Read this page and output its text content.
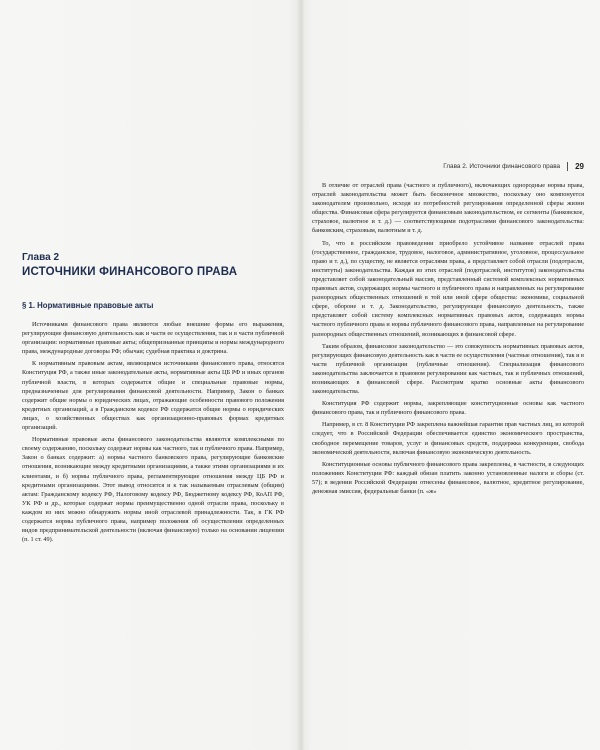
Глава 2
ИСТОЧНИКИ ФИНАНСОВОГО ПРАВА
§ 1. Нормативные правовые акты

Источниками финансового права являются любые внешние формы его выражения, регулирующие финансовую деятельность как и части ее осуществления, так и в части публичной организации: нормативные правовые акты; общепризнанные принципы и нормы международного права, международные договоры РФ; обычаи; судебная практика и доктрина.

К нормативным правовым актам, являющимся источниками финансового права, относятся Конституция РФ, а также иные законодательные акты, нормативные акты ЦБ РФ и иных органов публичной власти, в которых содержатся общие и специальные правовые нормы, предназначенные для регулирования финансовой деятельности. Например, Закон о банках содержит общие нормы о юридических лицах, отражающие особенности правового положения кредитных организаций, а в Гражданском кодексе РФ содержатся общие нормы о юридических лицах, о хозяйственных обществах как организационно-правовых формах кредитных организаций.

Нормативные правовые акты финансового законодательства являются комплексными по своему содержанию, поскольку содержат нормы как частного, так и публичного права. Например, Закон о банках содержит: а) нормы частного банковского права, регулирующие банковские отношения, возникающие между кредитными организациями, а также этими организациями и их клиентами, и б) нормы публичного права, регламентирующие отношения между ЦБ РФ и кредитными организациями. Этот вывод относится и к так называемым отраслевым (общим) актам: Гражданскому кодексу РФ, Налоговому кодексу РФ, Бюджетному кодексу РФ, КоАП РФ, УК РФ и др., которые содержат нормы преимущественно одной отрасли права, поскольку в каждом из них можно обнаружить нормы иной отраслевой принадлежности. Так, в ГК РФ содержатся нормы публичного права, например положения об осуществлении определенных видов предпринимательской деятельности (включая финансовую) только на основании лицензии (п. 1 ст. 49).

Глава 2. Источники финансового права 29

В отличие от отраслей права (частного и публичного), включающих однородные нормы права, отраслей законодательства может быть бесконечное множество, поскольку оно компонуется законодателем произвольно, исходя из потребностей регулирования определенной сферы жизни общества. Финансовая сфера регулируется финансовым законодательством, ее сегменты (банковское, страховое, валютное и т. д.) — соответствующими подотраслями финансового законодательства: банковским, страховым, валютным и т. д.

То, что в российском правоведении приобрело устойчивое название отраслей права (государственное, гражданское, трудовое, налоговое, административное, уголовное, процессуальное право и т. д.), по существу, не является отраслями права, а представляет собой отрасли (подотрасли, институты) законодательства. Каждая из этих отраслей (подотраслей, институтов) законодательства представляет собой законодательный массив, представленный системой комплексных нормативных правовых актов, содержащих нормы частного и публичного права и направленных на регулирование разнородных общественных отношений в той или иной сфере общества: экономике, социальной сфере, обороне и т. д. Законодательство, регулирующее финансовую деятельность, также представляет собой систему комплексных нормативных правовых актов, содержащих нормы частного публичного права и нормы публичного финансового права, направленные на регулирование разнородных общественных отношений, возникающих в финансовой сфере.

Таким образом, финансовое законодательство — это совокупность нормативных правовых актов, регулирующих финансовую деятельность как в части ее осуществления (частные отношения), так и в части публичной организации (публичные отношения). Специализация финансового законодательства заключается в правовом регулировании как частных, так и публичных отношений, возникающих в финансовой сфере. Рассмотрим кратко основные акты финансового законодательства.

Конституция РФ содержит нормы, закрепляющие конституционные основы как частного финансового права, так и публичного финансового права.

Например, в ст. 8 Конституции РФ закреплена важнейшая гарантия прав частных лиц, из которой следует, что в Российской Федерации обеспечивается единство экономического пространства, свободное перемещение товаров, услуг и финансовых средств, поддержка конкуренции, свобода экономической деятельности, включая финансовую экономическую деятельность.

Конституционные основы публичного финансового права закреплены, в частности, в следующих положениях Конституции РФ: каждый обязан платить законно установленные налоги и сборы (ст. 57); в ведении Российской Федерации отнесены финансовое, валютное, кредитное регулирование, денежная эмиссия, федеральные банки (п. «ж»
